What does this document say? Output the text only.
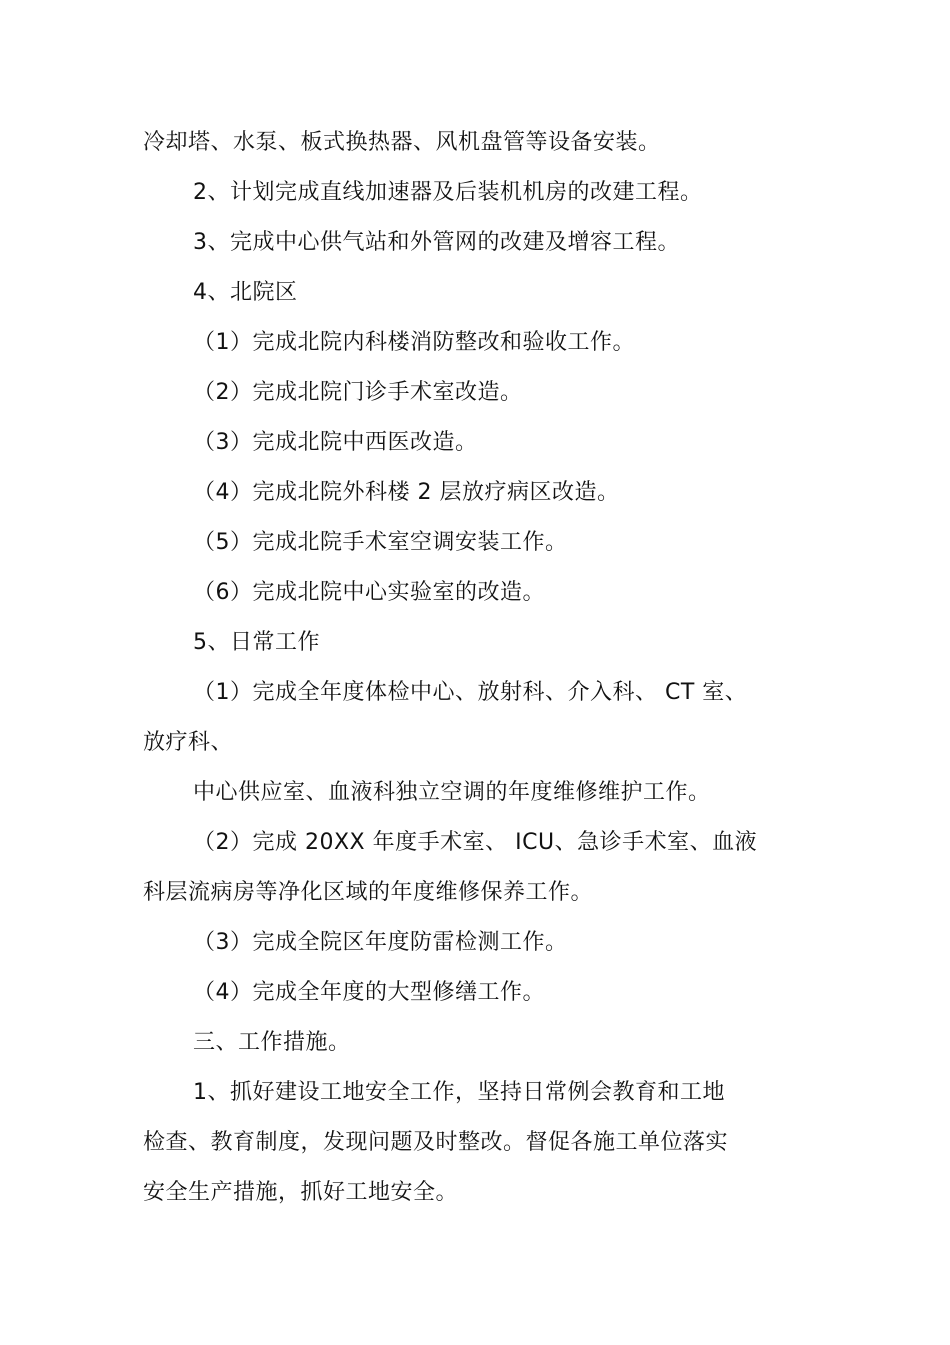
冷却塔、水泵、板式换热器、风机盘管等设备安装。
2、计划完成直线加速器及后装机机房的改建工程。
3、完成中心供气站和外管网的改建及增容工程。
4、北院区
（1）完成北院内科楼消防整改和验收工作。
（2）完成北院门诊手术室改造。
（3）完成北院中西医改造。
（4）完成北院外科楼 2 层放疗病区改造。
（5）完成北院手术室空调安装工作。
（6）完成北院中心实验室的改造。
5、日常工作
（1）完成全年度体检中心、放射科、介入科、 CT 室、
放疗科、
中心供应室、血液科独立空调的年度维修维护工作。
（2）完成 20XX 年度手术室、 ICU、急诊手术室、血液
科层流病房等净化区域的年度维修保养工作。
（3）完成全院区年度防雷检测工作。
（4）完成全年度的大型修缮工作。
三、工作措施。
1、抓好建设工地安全工作，坚持日常例会教育和工地
检查、教育制度，发现问题及时整改。督促各施工单位落实
安全生产措施，抓好工地安全。
